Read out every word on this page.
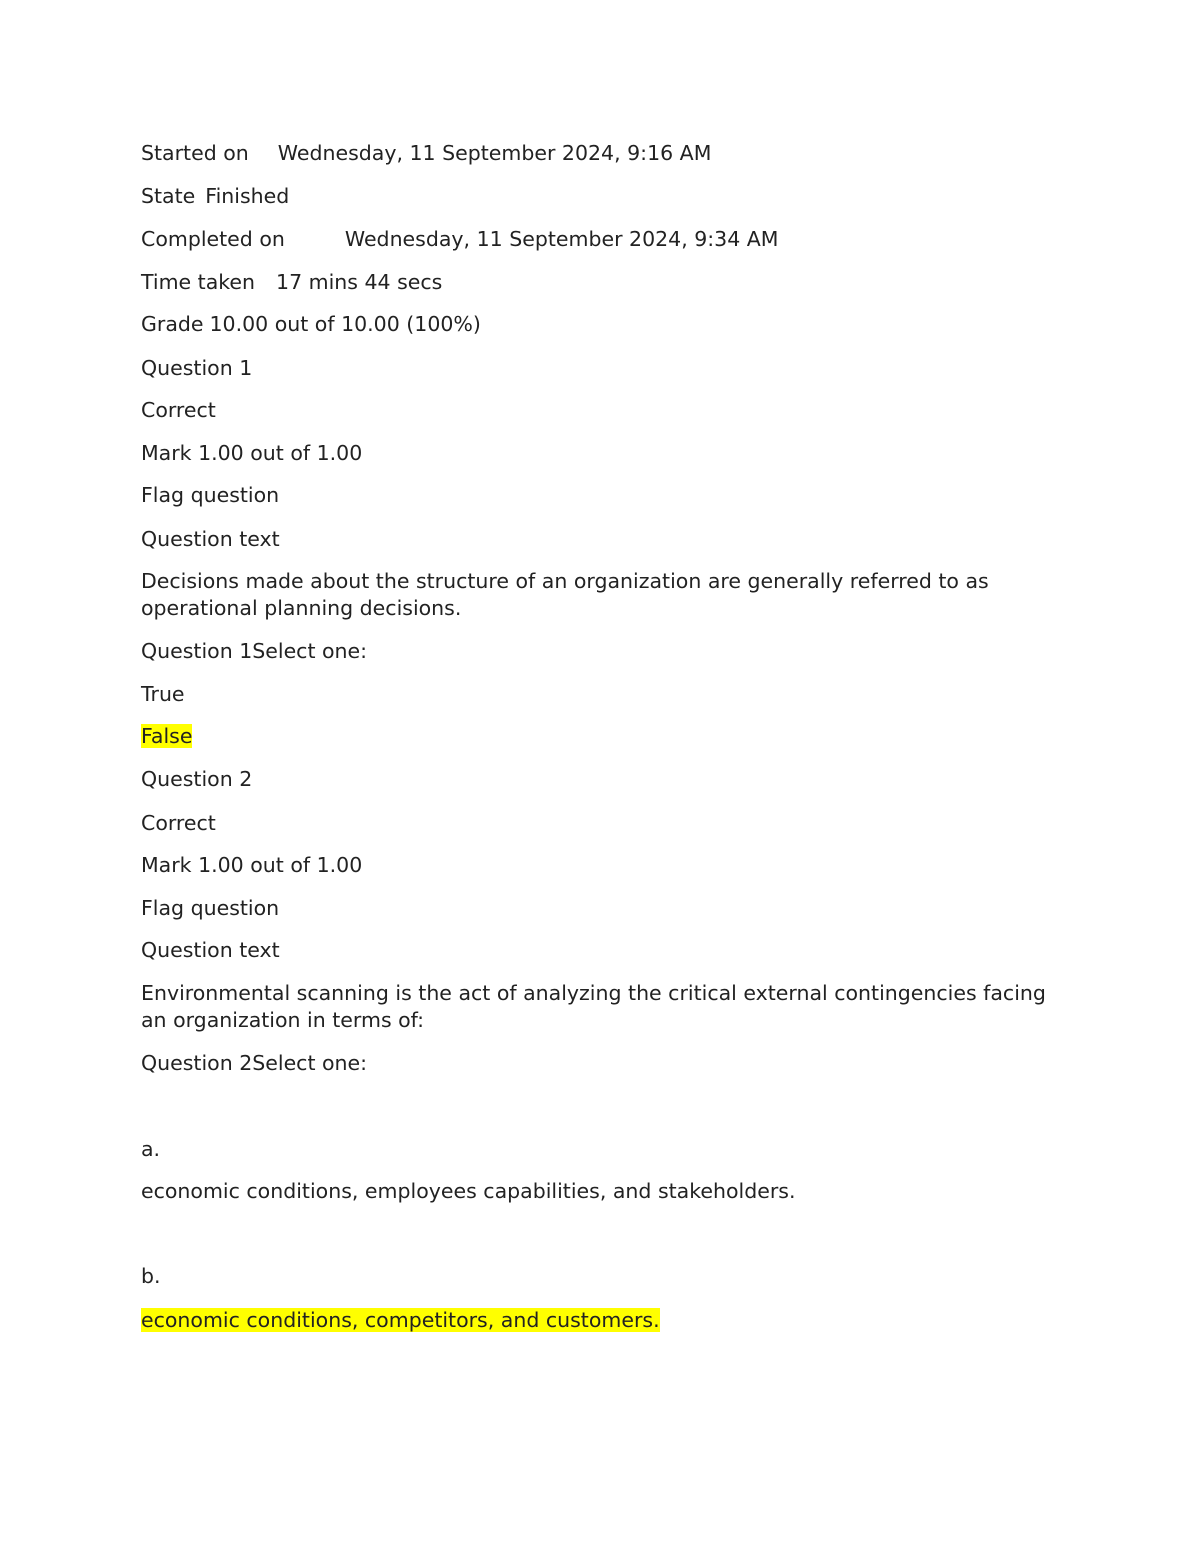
Started on Wednesday, 11 September 2024, 9:16 AM
State Finished
Completed on	Wednesday, 11 September 2024, 9:34 AM
Time taken 17 mins 44 secs
Grade 10.00 out of 10.00 (100%)
Question 1
Correct
Mark 1.00 out of 1.00
Flag question
Question text
Decisions made about the structure of an organization are generally referred to as operational planning decisions.
Question 1Select one:
True
False
Question 2
Correct
Mark 1.00 out of 1.00
Flag question
Question text
Environmental scanning is the act of analyzing the critical external contingencies facing an organization in terms of:
Question 2Select one:
a.
economic conditions, employees capabilities, and stakeholders.
b.
economic conditions, competitors, and customers.
